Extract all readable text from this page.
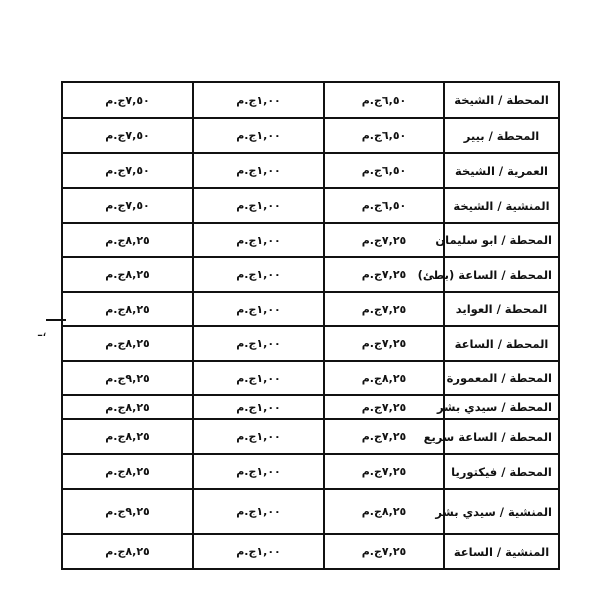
ـ،
٧,٥٠ج.م	١,٠٠ج.م	٦,٥٠ج.م	المحطة / الشيخة
٧,٥٠ج.م	١,٠٠ج.م	٦,٥٠ج.م	المحطة / بيير
٧,٥٠ج.م	١,٠٠ج.م	٦,٥٠ج.م	العمرية / الشيخة
٧,٥٠ج.م	١,٠٠ج.م	٦,٥٠ج.م	المنشية / الشيخة
٨,٢٥ج.م	١,٠٠ج.م	٧,٢٥ج.م	المحطة / ابو سليمان
٨,٢٥ج.م	١,٠٠ج.م	٧,٢٥ج.م	المحطة / الساعة (بطئ)
٨,٢٥ج.م	١,٠٠ج.م	٧,٢٥ج.م	المحطة / العوايد
٨,٢٥ج.م	١,٠٠ج.م	٧,٢٥ج.م	المحطة / الساعة
٩,٢٥ج.م	١,٠٠ج.م	٨,٢٥ج.م	المحطة / المعمورة
٨,٢٥ج.م	١,٠٠ج.م	٧,٢٥ج.م	المحطة / سيدي بشر
٨,٢٥ج.م	١,٠٠ج.م	٧,٢٥ج.م	المحطة / الساعة سريع
٨,٢٥ج.م	١,٠٠ج.م	٧,٢٥ج.م	المحطة / فيكتوريا
٩,٢٥ج.م	١,٠٠ج.م	٨,٢٥ج.م	المنشية / سيدي بشر
٨,٢٥ج.م	١,٠٠ج.م	٧,٢٥ج.م	المنشية / الساعة
